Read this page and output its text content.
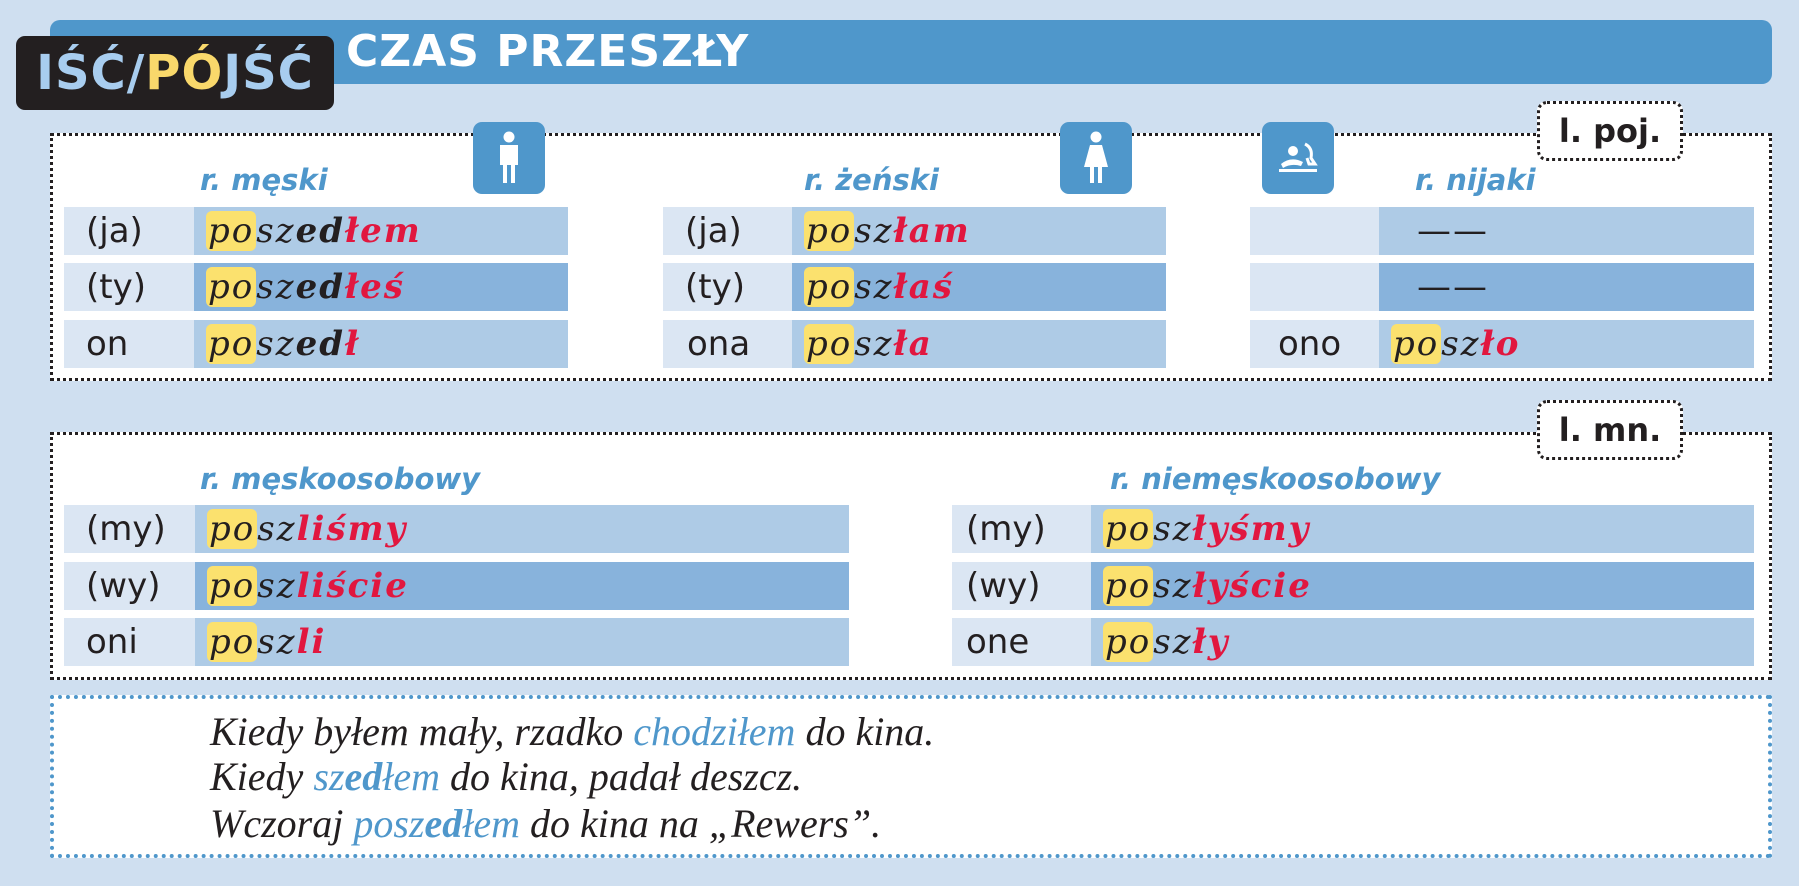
CZAS PRZESZŁY
IŚĆ/ PÓ JŚĆ
l. poj.
r. męski	r. żeński	r. nijaki
(ja)	po sz ed łem
(ty)	po sz ed łeś
on	po sz ed ł
(ja)	po sz łam
(ty)	po sz łaś
ona	po sz ła
——
——
ono	po sz ło
l. mn.
r. męskoosobowy	r. niemęskoosobowy
(my)	po sz liśmy
(wy)	po sz liście
oni	po sz li
(my)	po sz łyśmy
(wy)	po sz łyście
one	po sz ły
Kiedy byłem mały, rzadko chodziłem do kina.
Kiedy szedłem do kina, padał deszcz.
Wczoraj poszedłem do kina na „Rewers”.
